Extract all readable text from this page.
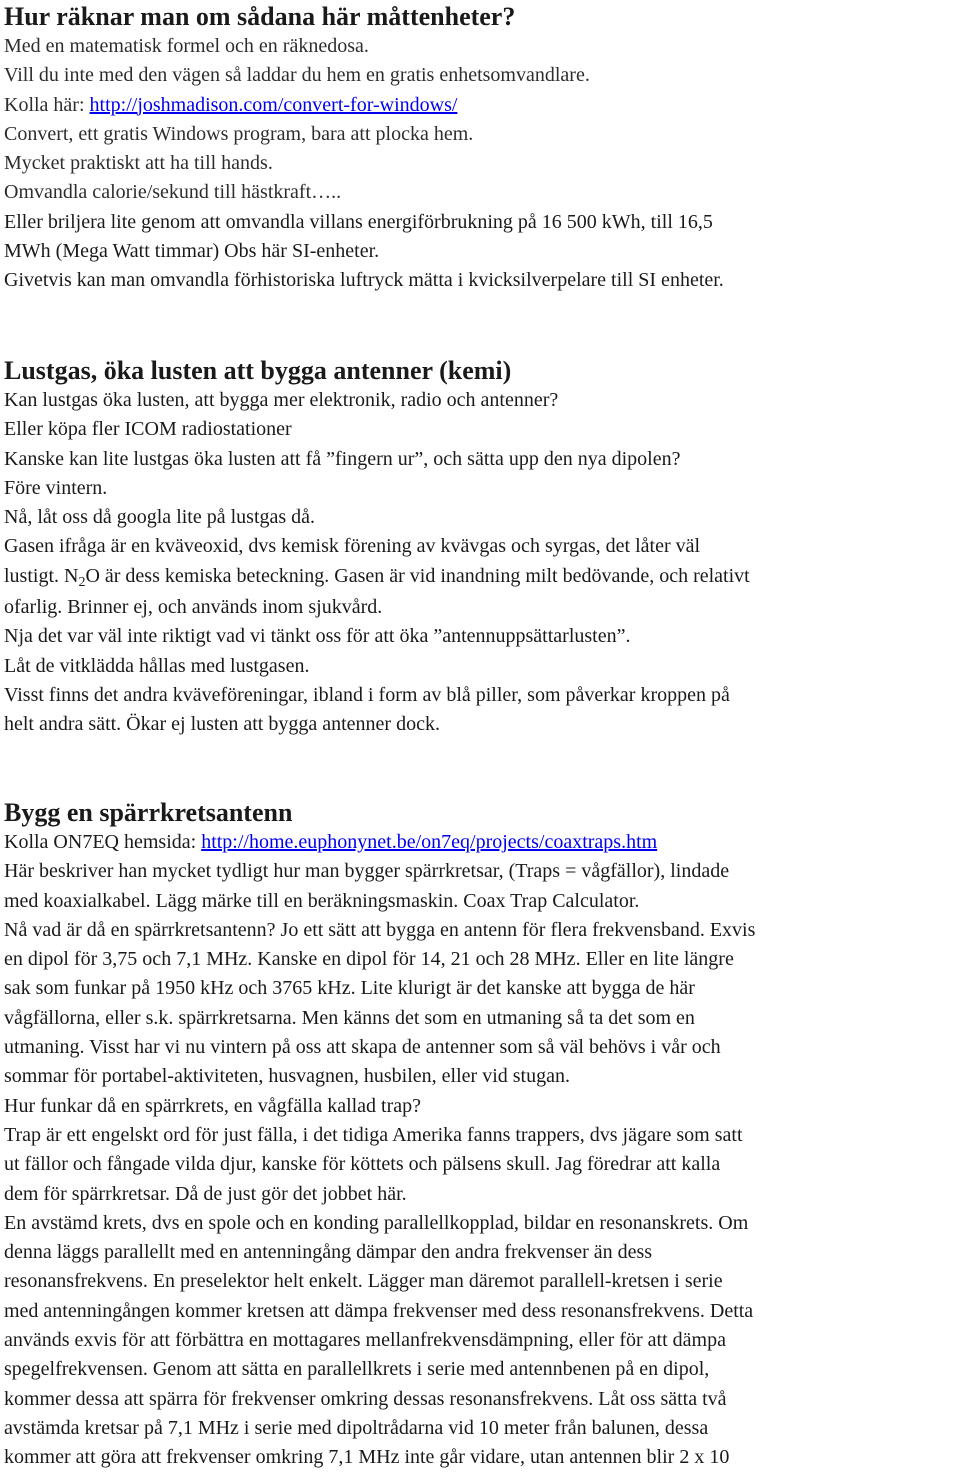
Hur räknar man om sådana här måttenheter?

Med en matematisk formel och en räknedosa.

Vill du inte med den vägen så laddar du hem en gratis enhetsomvandlare.

Kolla här: http://joshmadison.com/convert-for-windows/

Convert, ett gratis Windows program, bara att plocka hem.

Mycket praktiskt att ha till hands.

Omvandla calorie/sekund till hästkraft…..

Eller briljera lite genom att omvandla villans energiförbrukning på 16 500 kWh, till 16,5

MWh (Mega Watt timmar) Obs här SI-enheter.

Givetvis kan man omvandla förhistoriska luftryck mätta i kvicksilverpelare till SI enheter.

Lustgas, öka lusten att bygga antenner (kemi)

Kan lustgas öka lusten, att bygga mer elektronik, radio och antenner?

Eller köpa fler ICOM radiostationer

Kanske kan lite lustgas öka lusten att få ”fingern ur”, och sätta upp den nya dipolen?

Före vintern.

Nå, låt oss då googla lite på lustgas då.

Gasen ifråga är en kväveoxid, dvs kemisk förening av kvävgas och syrgas, det låter väl

lustigt. $N_2O$ är dess kemiska beteckning. Gasen är vid inandning milt bedövande, och relativt

ofarlig. Brinner ej, och används inom sjukvård.

Nja det var väl inte riktigt vad vi tänkt oss för att öka ”antennuppsättarlusten”.

Låt de vitklädda hållas med lustgasen.

Visst finns det andra kväveföreningar, ibland i form av blå piller, som påverkar kroppen på

helt andra sätt. Ökar ej lusten att bygga antenner dock.

Bygg en spärrkretsantenn

Kolla ON7EQ hemsida: http://home.euphonynet.be/on7eq/projects/coaxtraps.htm

Här beskriver han mycket tydligt hur man bygger spärrkretsar, (Traps = vågfällor), lindade

med koaxialkabel. Lägg märke till en beräkningsmaskin. Coax Trap Calculator.

Nå vad är då en spärrkretsantenn? Jo ett sätt att bygga en antenn för flera frekvensband. Exvis

en dipol för 3,75 och 7,1 MHz. Kanske en dipol för 14, 21 och 28 MHz. Eller en lite längre

sak som funkar på 1950 kHz och 3765 kHz. Lite klurigt är det kanske att bygga de här

vågfällorna, eller s.k. spärrkretsarna. Men känns det som en utmaning så ta det som en

utmaning. Visst har vi nu vintern på oss att skapa de antenner som så väl behövs i vår och

sommar för portabel-aktiviteten, husvagnen, husbilen, eller vid stugan.

Hur funkar då en spärrkrets, en vågfälla kallad trap?

Trap är ett engelskt ord för just fälla, i det tidiga Amerika fanns trappers, dvs jägare som satt

ut fällor och fångade vilda djur, kanske för köttets och pälsens skull. Jag föredrar att kalla

dem för spärrkretsar. Då de just gör det jobbet här.

En avstämd krets, dvs en spole och en konding parallellkopplad, bildar en resonanskrets. Om

denna läggs parallellt med en antenningång dämpar den andra frekvenser än dess

resonansfrekvens. En preselektor helt enkelt. Lägger man däremot parallell-kretsen i serie

med antenningången kommer kretsen att dämpa frekvenser med dess resonansfrekvens. Detta

används exvis för att förbättra en mottagares mellanfrekvensdämpning, eller för att dämpa

spegelfrekvensen. Genom att sätta en parallellkrets i serie med antennbenen på en dipol,

kommer dessa att spärra för frekvenser omkring dessas resonansfrekvens. Låt oss sätta två

avstämda kretsar på 7,1 MHz i serie med dipoltrådarna vid 10 meter från balunen, dessa

kommer att göra att frekvenser omkring 7,1 MHz inte går vidare, utan antennen blir 2 x 10
